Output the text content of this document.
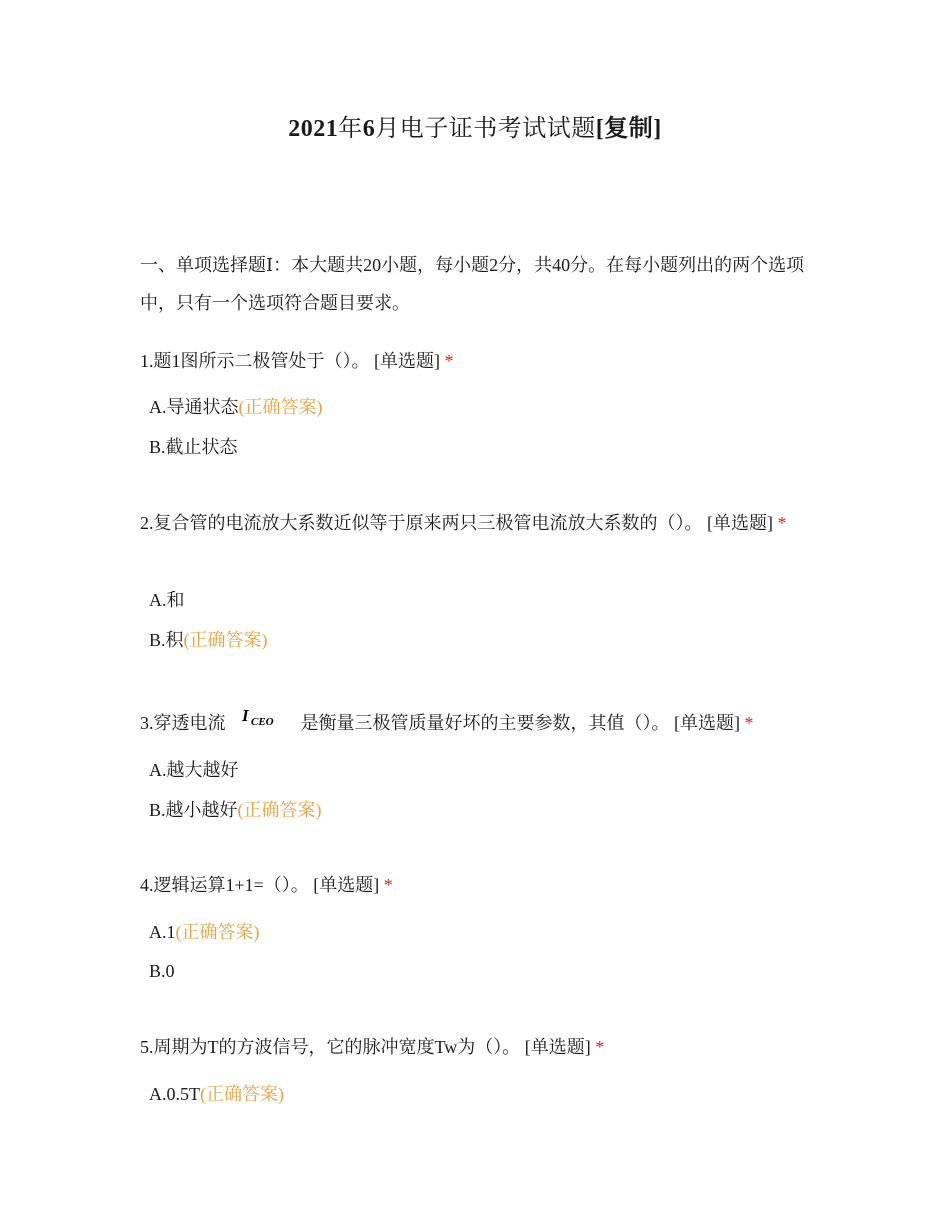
2021年6月电子证书考试试题[复制]
一、单项选择题Ⅰ：本大题共20小题，每小题2分，共40分。在每小题列出的两个选项中，只有一个选项符合题目要求。
1.题1图所示二极管处于（）。 [单选题] *
A.导通状态(正确答案)
B.截止状态
2.复合管的电流放大系数近似等于原来两只三极管电流放大系数的（）。 [单选题] *
A.和
B.积(正确答案)
3.穿透电流 I CEO 是衡量三极管质量好坏的主要参数，其值（）。 [单选题] *
A.越大越好
B.越小越好(正确答案)
4.逻辑运算1+1=（）。 [单选题] *
A.1(正确答案)
B.0
5.周期为T的方波信号，它的脉冲宽度Tw为（）。 [单选题] *
A.0.5T(正确答案)
